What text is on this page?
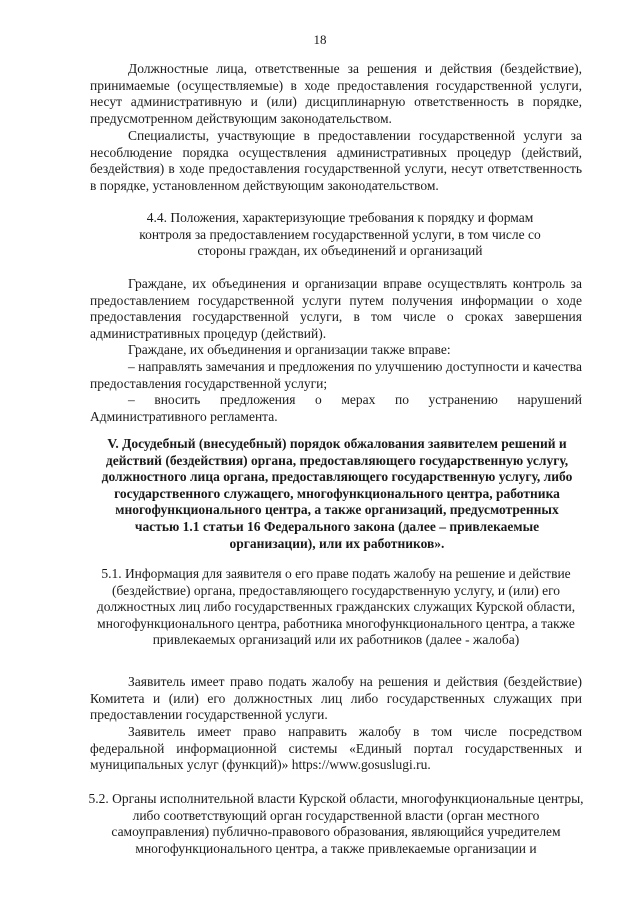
18

Должностные лица, ответственные за решения и действия (бездействие), принимаемые (осуществляемые) в ходе предоставления государственной услуги, несут административную и (или) дисциплинарную ответственность в порядке, предусмотренном действующим законодательством.

Специалисты, участвующие в предоставлении государственной услуги за несоблюдение порядка осуществления административных процедур (действий, бездействия) в ходе предоставления государственной услуги, несут ответственность в порядке, установленном действующим законодательством.

4.4. Положения, характеризующие требования к порядку и формам контроля за предоставлением государственной услуги, в том числе со стороны граждан, их объединений и организаций

Граждане, их объединения и организации вправе осуществлять контроль за предоставлением государственной услуги путем получения информации о ходе предоставления государственной услуги, в том числе о сроках завершения административных процедур (действий).

Граждане, их объединения и организации также вправе:

– направлять замечания и предложения по улучшению доступности и качества предоставления государственной услуги;

– вносить предложения о мерах по устранению нарушений Административного регламента.

V. Досудебный (внесудебный) порядок обжалования заявителем решений и действий (бездействия) органа, предоставляющего государственную услугу, должностного лица органа, предоставляющего государственную услугу, либо государственного служащего, многофункционального центра, работника многофункционального центра, а также организаций, предусмотренных частью 1.1 статьи 16 Федерального закона (далее – привлекаемые организации), или их работников».

5.1. Информация для заявителя о его праве подать жалобу на решение и действие (бездействие) органа, предоставляющего государственную услугу, и (или) его должностных лиц либо государственных гражданских служащих Курской области, многофункционального центра, работника многофункционального центра, а также привлекаемых организаций или их работников (далее - жалоба)

Заявитель имеет право подать жалобу на решения и действия (бездействие) Комитета и (или) его должностных лиц либо государственных служащих при предоставлении государственной услуги.

Заявитель имеет право направить жалобу в том числе посредством федеральной информационной системы «Единый портал государственных и муниципальных услуг (функций)» https://www.gosuslugi.ru.

5.2. Органы исполнительной власти Курской области, многофункциональные центры, либо соответствующий орган государственной власти (орган местного самоуправления) публично-правового образования, являющийся учредителем многофункционального центра, а также привлекаемые организации и
